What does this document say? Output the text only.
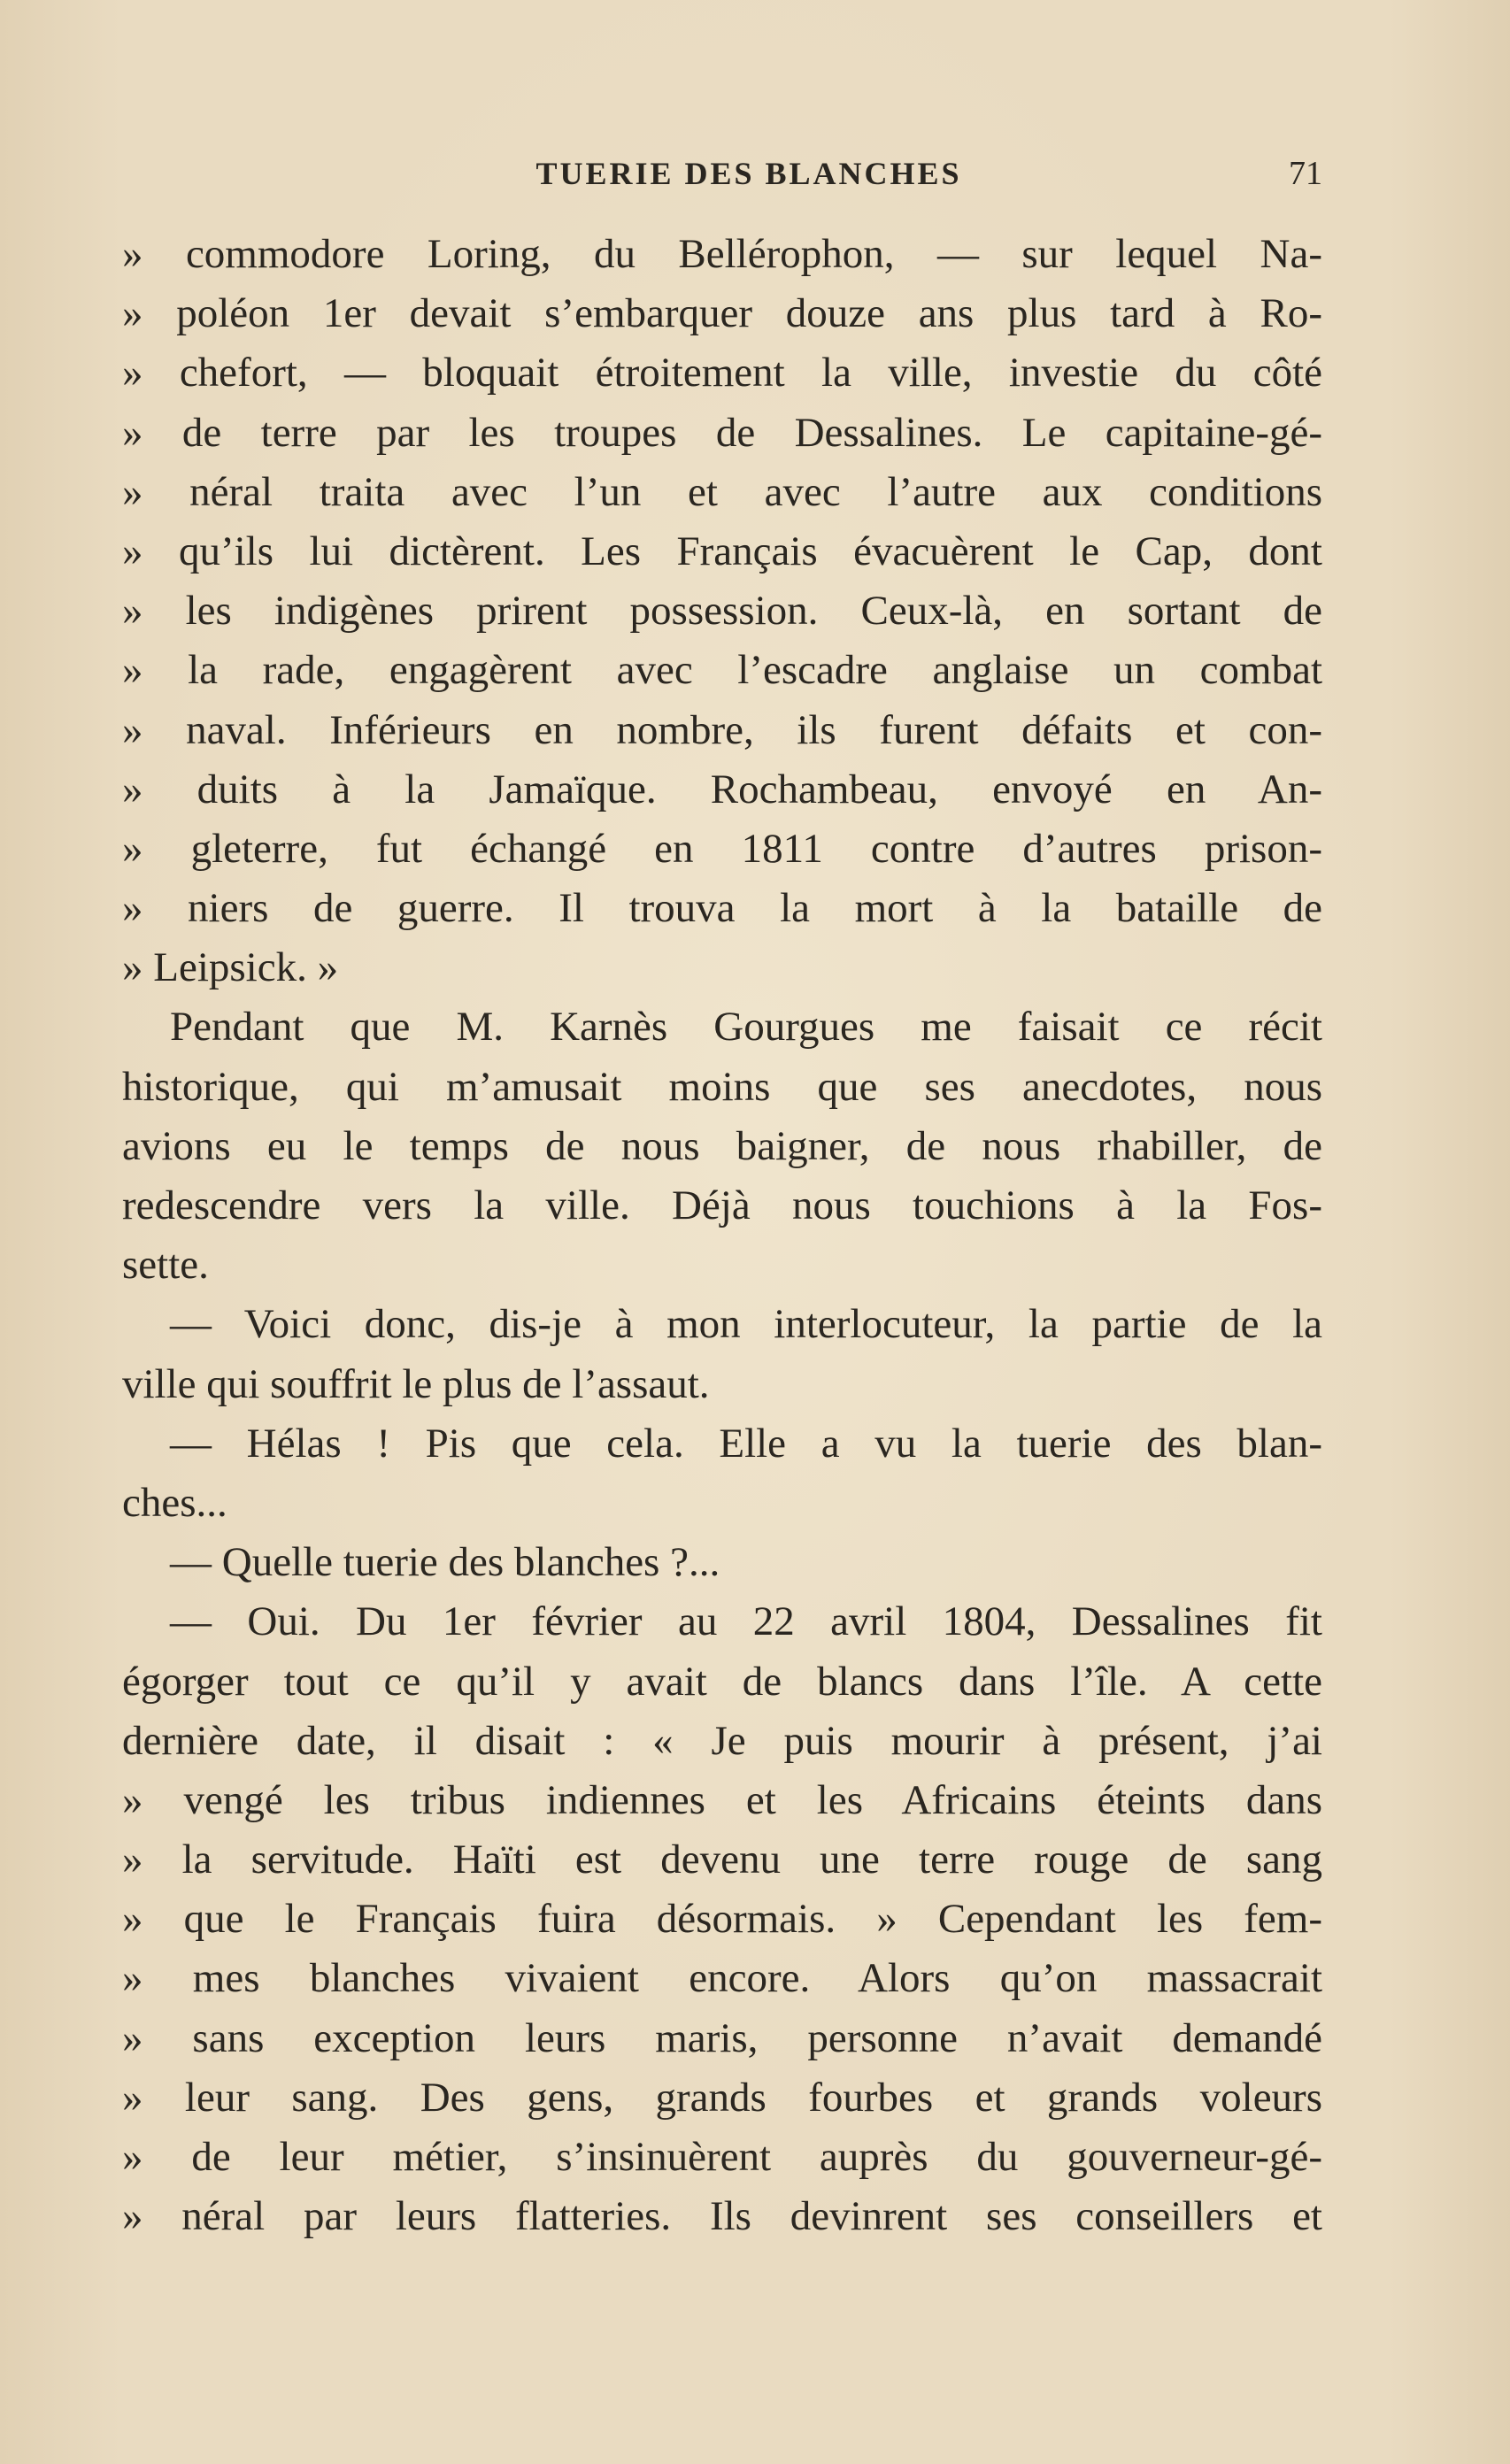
TUERIE DES BLANCHES	71
» commodore Loring, du Bellérophon, — sur lequel Na-
» poléon 1er devait s’embarquer douze ans plus tard à Ro-
» chefort, — bloquait étroitement la ville, investie du côté
» de terre par les troupes de Dessalines. Le capitaine-gé-
» néral traita avec l’un et avec l’autre aux conditions
» qu’ils lui dictèrent. Les Français évacuèrent le Cap, dont
» les indigènes prirent possession. Ceux-là, en sortant de
» la rade, engagèrent avec l’escadre anglaise un combat
» naval. Inférieurs en nombre, ils furent défaits et con-
» duits à la Jamaïque. Rochambeau, envoyé en An-
» gleterre, fut échangé en 1811 contre d’autres prison-
» niers de guerre. Il trouva la mort à la bataille de
» Leipsick. »
Pendant que M. Karnès Gourgues me faisait ce récit
historique, qui m’amusait moins que ses anecdotes, nous
avions eu le temps de nous baigner, de nous rhabiller, de
redescendre vers la ville. Déjà nous touchions à la Fos-
sette.
— Voici donc, dis-je à mon interlocuteur, la partie de la
ville qui souffrit le plus de l’assaut.
— Hélas ! Pis que cela. Elle a vu la tuerie des blan-
ches...
— Quelle tuerie des blanches ?...
— Oui. Du 1er février au 22 avril 1804, Dessalines fit
égorger tout ce qu’il y avait de blancs dans l’île. A cette
dernière date, il disait : « Je puis mourir à présent, j’ai
» vengé les tribus indiennes et les Africains éteints dans
» la servitude. Haïti est devenu une terre rouge de sang
» que le Français fuira désormais. » Cependant les fem-
» mes blanches vivaient encore. Alors qu’on massacrait
» sans exception leurs maris, personne n’avait demandé
» leur sang. Des gens, grands fourbes et grands voleurs
» de leur métier, s’insinuèrent auprès du gouverneur-gé-
» néral par leurs flatteries. Ils devinrent ses conseillers et
